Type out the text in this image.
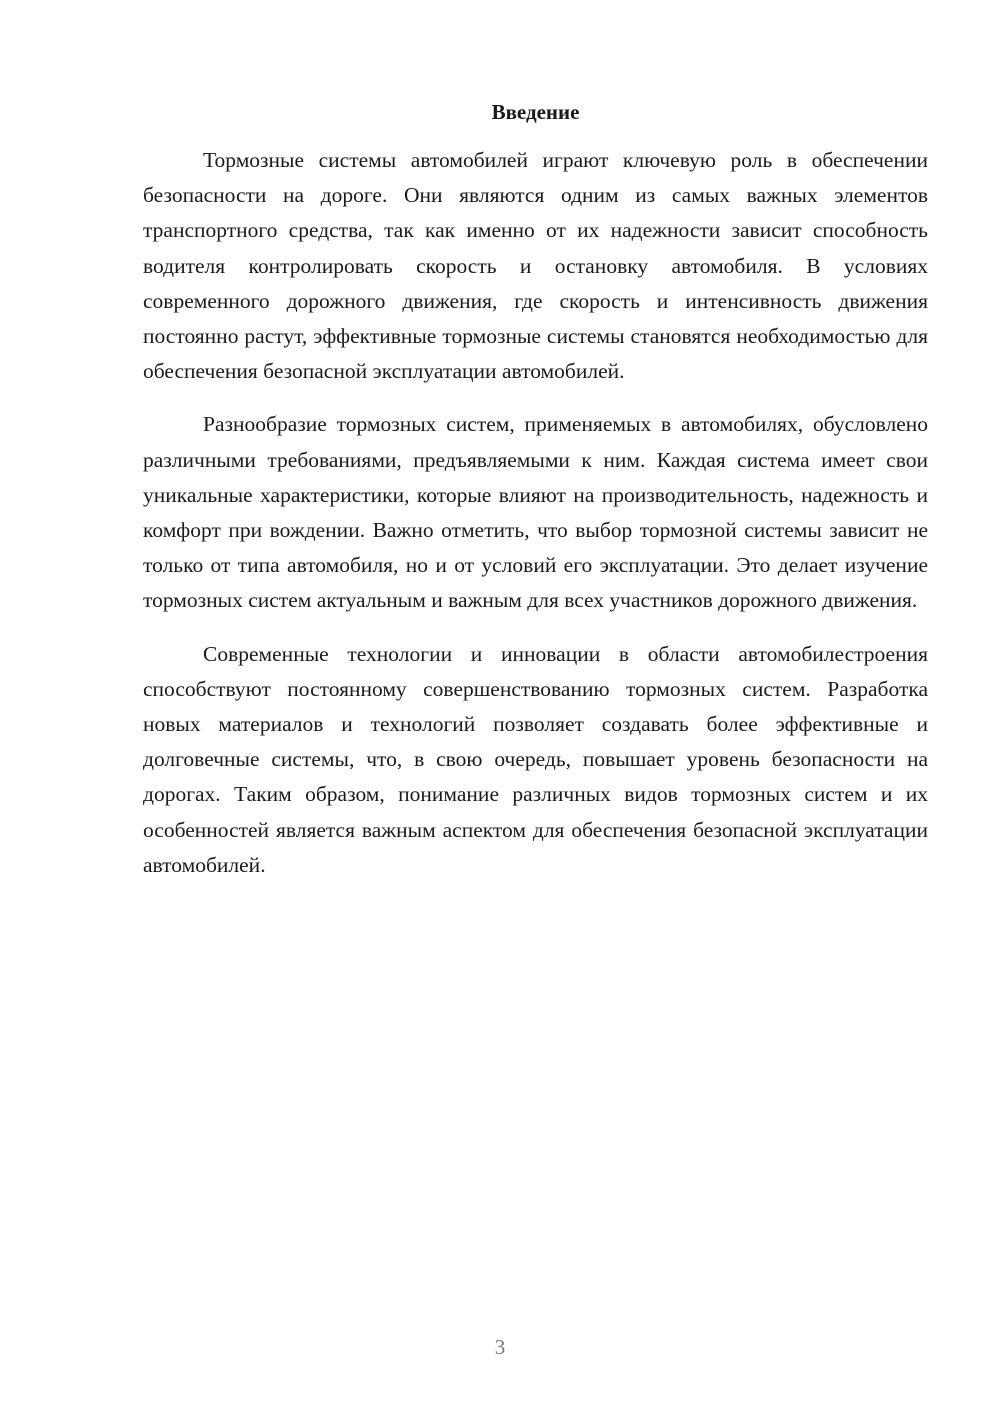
Введение

Тормозные системы автомобилей играют ключевую роль в обеспечении безопасности на дороге. Они являются одним из самых важных элементов транспортного средства, так как именно от их надежности зависит способность водителя контролировать скорость и остановку автомобиля. В условиях современного дорожного движения, где скорость и интенсивность движения постоянно растут, эффективные тормозные системы становятся необходимостью для обеспечения безопасной эксплуатации автомобилей.

Разнообразие тормозных систем, применяемых в автомобилях, обусловлено различными требованиями, предъявляемыми к ним. Каждая система имеет свои уникальные характеристики, которые влияют на производительность, надежность и комфорт при вождении. Важно отметить, что выбор тормозной системы зависит не только от типа автомобиля, но и от условий его эксплуатации. Это делает изучение тормозных систем актуальным и важным для всех участников дорожного движения.

Современные технологии и инновации в области автомобилестроения способствуют постоянному совершенствованию тормозных систем. Разработка новых материалов и технологий позволяет создавать более эффективные и долговечные системы, что, в свою очередь, повышает уровень безопасности на дорогах. Таким образом, понимание различных видов тормозных систем и их особенностей является важным аспектом для обеспечения безопасной эксплуатации автомобилей.

3
